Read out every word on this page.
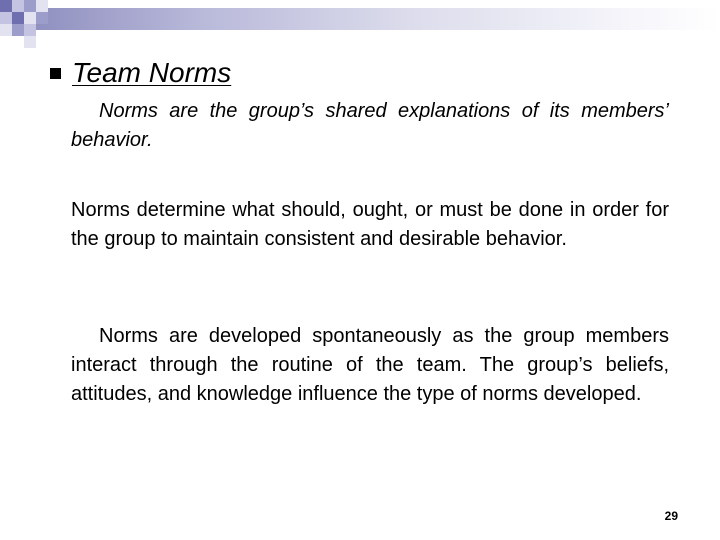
Team Norms
Norms are the group’s shared explanations of its members’ behavior.
Norms determine what should, ought, or must be done in order for the group to maintain consistent and desirable behavior.
Norms are developed spontaneously as the group members interact through the routine of the team. The group’s beliefs, attitudes, and knowledge influence the type of norms developed.
29
